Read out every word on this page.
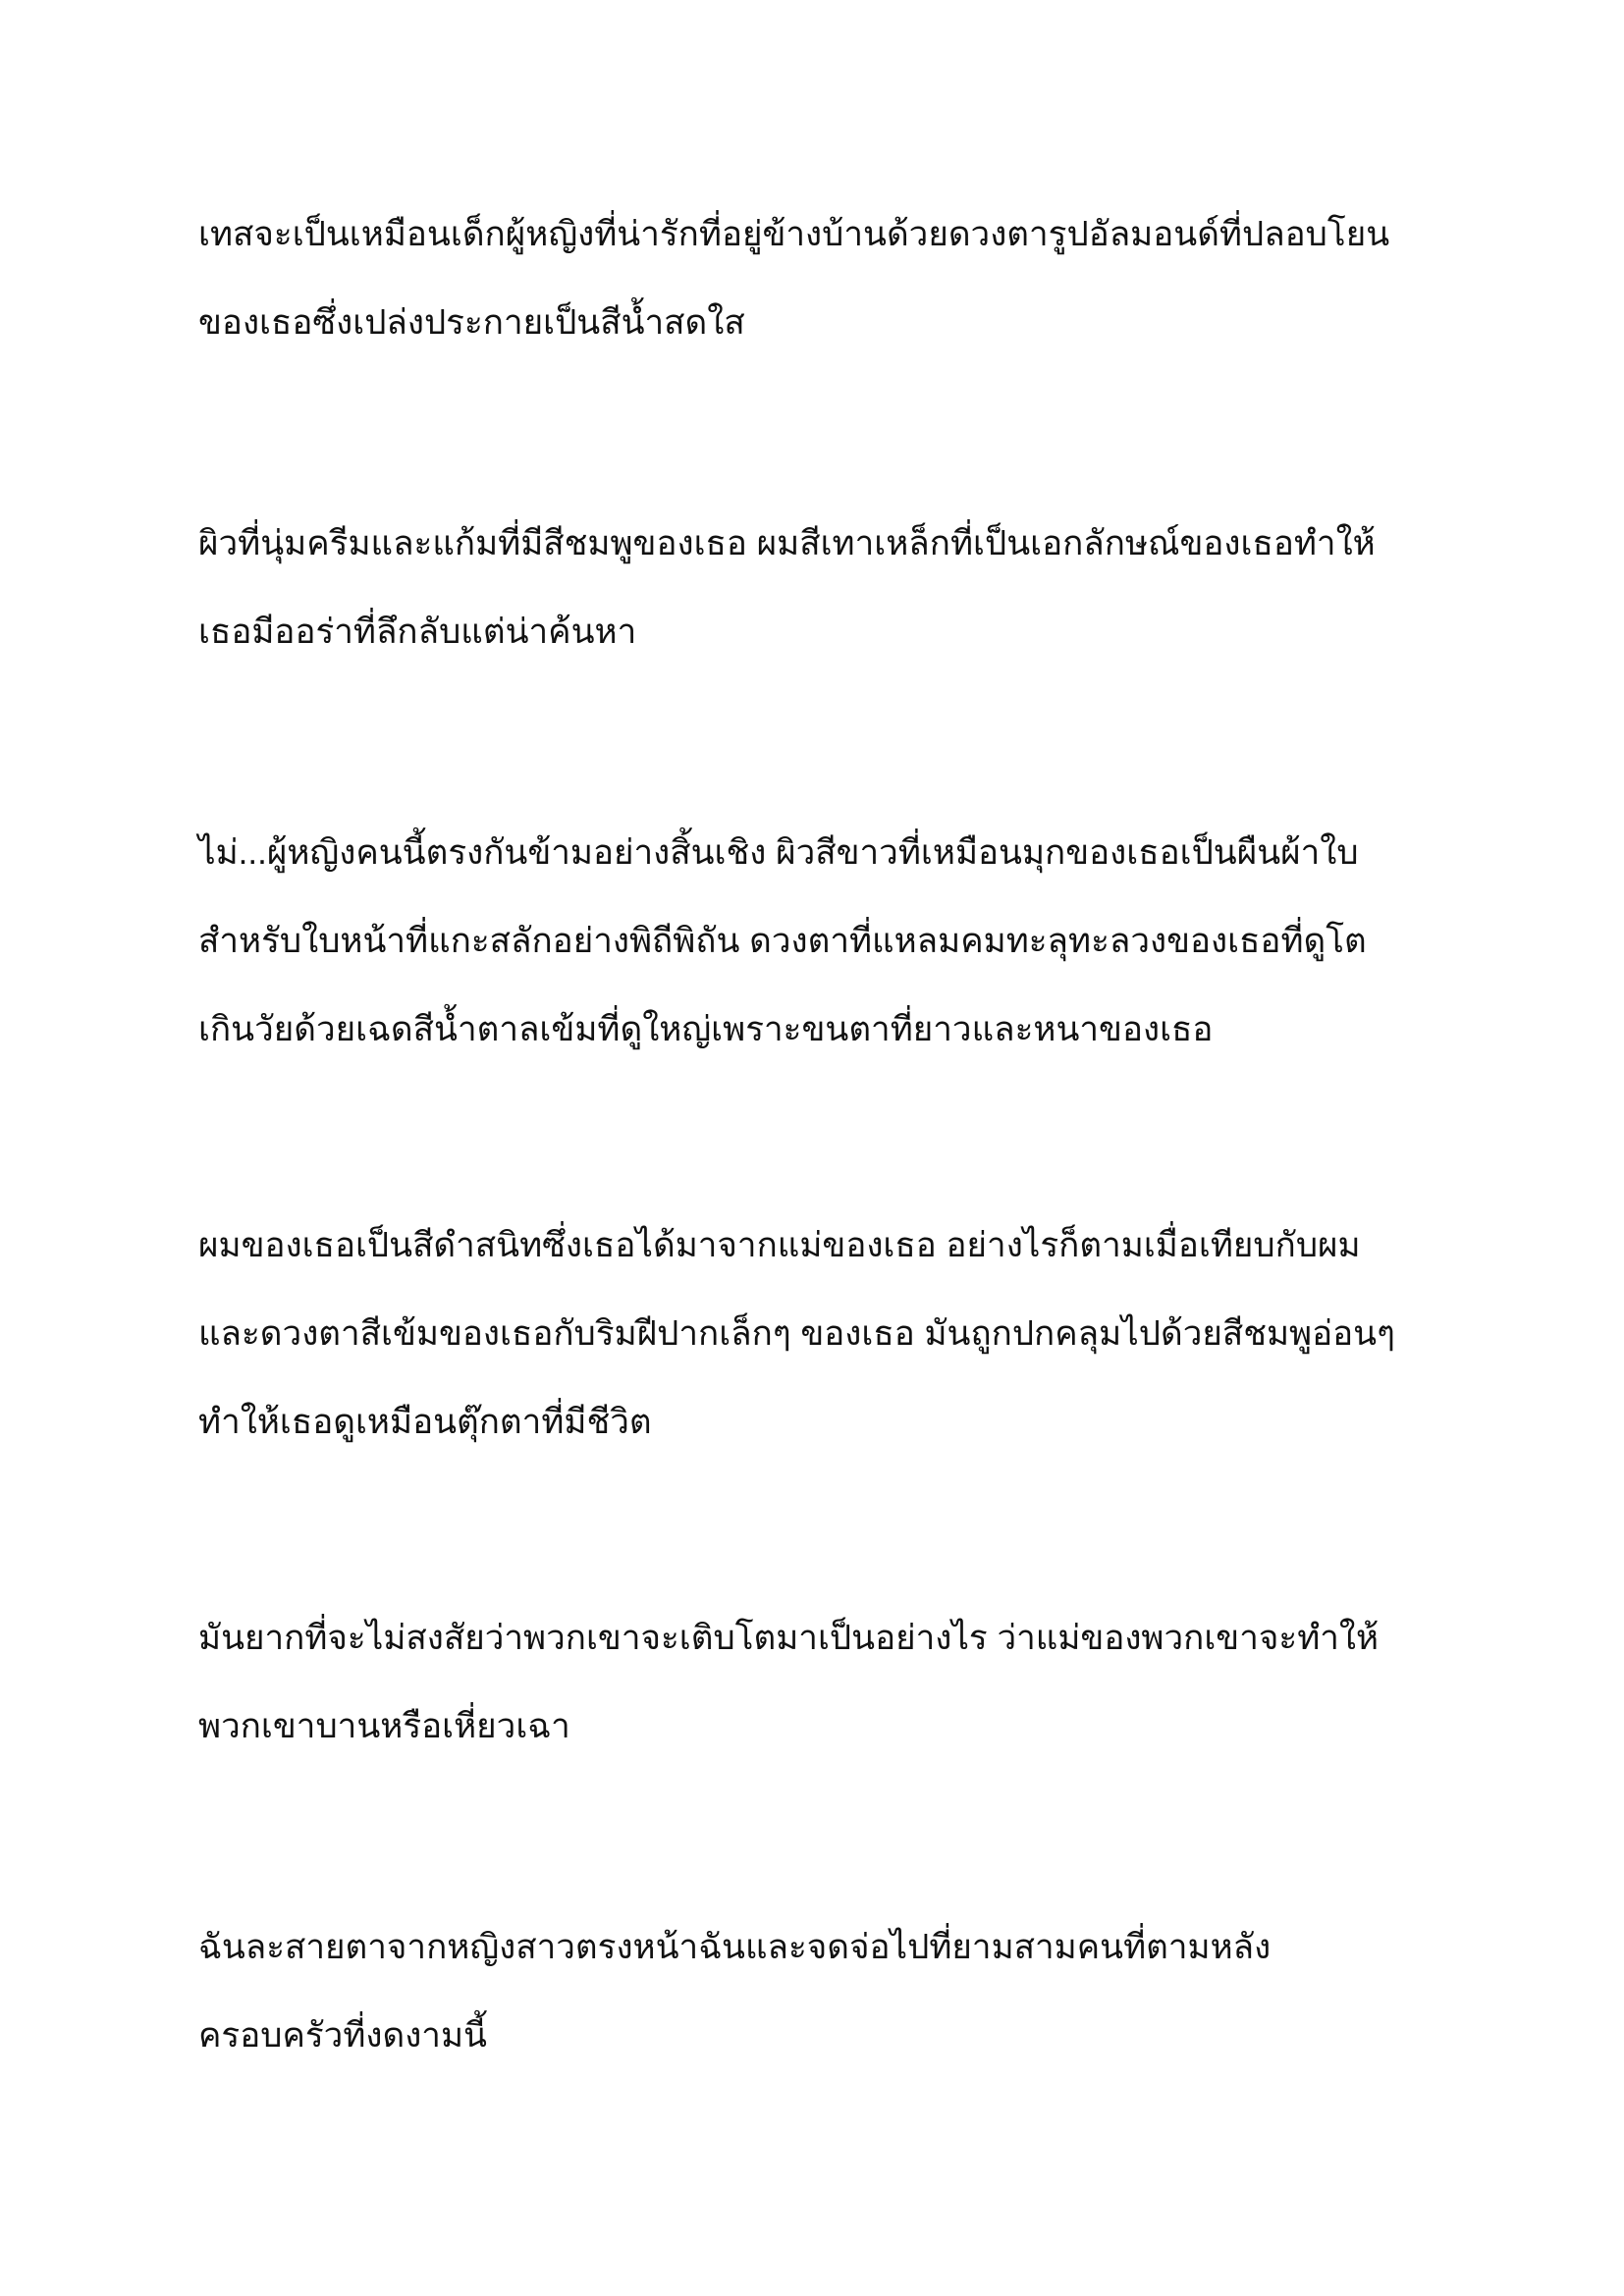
เทสจะเป็นเหมือนเด็กผู้หญิงที่น่ารักที่อยู่ข้างบ้านด้วยดวงตารูปอัลมอนด์ที่ปลอบโยน
ของเธอซึ่งเปล่งประกายเป็นสีน้ำสดใส
ผิวที่นุ่มครีมและแก้มที่มีสีชมพูของเธอ ผมสีเทาเหล็กที่เป็นเอกลักษณ์ของเธอทำให้
เธอมีออร่าที่ลึกลับแต่น่าค้นหา
ไม่...ผู้หญิงคนนี้ตรงกันข้ามอย่างสิ้นเชิง ผิวสีขาวที่เหมือนมุกของเธอเป็นผืนผ้าใบ
สำหรับใบหน้าที่แกะสลักอย่างพิถีพิถัน ดวงตาที่แหลมคมทะลุทะลวงของเธอที่ดูโต
เกินวัยด้วยเฉดสีน้ำตาลเข้มที่ดูใหญ่เพราะขนตาที่ยาวและหนาของเธอ
ผมของเธอเป็นสีดำสนิทซึ่งเธอได้มาจากแม่ของเธอ อย่างไรก็ตามเมื่อเทียบกับผม
และดวงตาสีเข้มของเธอกับริมฝีปากเล็กๆ ของเธอ มันถูกปกคลุมไปด้วยสีชมพูอ่อนๆ
ทำให้เธอดูเหมือนตุ๊กตาที่มีชีวิต
มันยากที่จะไม่สงสัยว่าพวกเขาจะเติบโตมาเป็นอย่างไร ว่าแม่ของพวกเขาจะทำให้
พวกเขาบานหรือเหี่ยวเฉา
ฉันละสายตาจากหญิงสาวตรงหน้าฉันและจดจ่อไปที่ยามสามคนที่ตามหลัง
ครอบครัวที่งดงามนี้
